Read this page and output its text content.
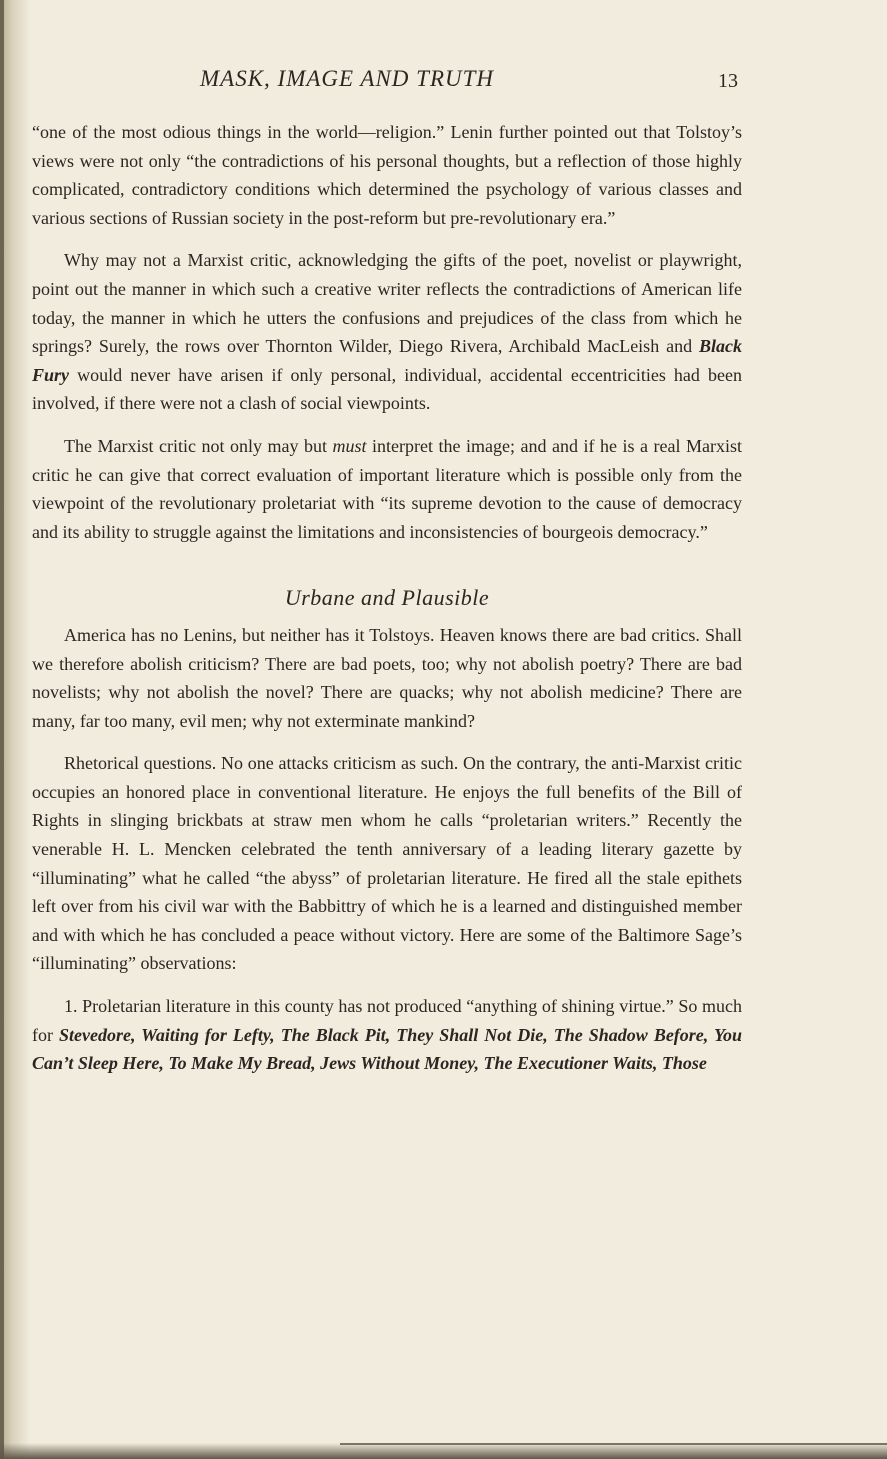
MASK, IMAGE AND TRUTH	13

“one of the most odious things in the world—religion.” Lenin further pointed out that Tolstoy’s views were not only “the contradictions of his personal thoughts, but a reflection of those highly complicated, contradictory conditions which determined the psychology of various classes and various sections of Russian society in the post-reform but pre-revolutionary era.”

Why may not a Marxist critic, acknowledging the gifts of the poet, novelist or playwright, point out the manner in which such a creative writer reflects the contradictions of American life today, the manner in which he utters the confusions and prejudices of the class from which he springs? Surely, the rows over Thornton Wilder, Diego Rivera, Archibald MacLeish and Black Fury would never have arisen if only personal, individual, accidental eccentricities had been involved, if there were not a clash of social viewpoints.

The Marxist critic not only may but must interpret the image; and and if he is a real Marxist critic he can give that correct evaluation of important literature which is possible only from the viewpoint of the revolutionary proletariat with “its supreme devotion to the cause of democracy and its ability to struggle against the limitations and inconsistencies of bourgeois democracy.”

Urbane and Plausible

America has no Lenins, but neither has it Tolstoys. Heaven knows there are bad critics. Shall we therefore abolish criticism? There are bad poets, too; why not abolish poetry? There are bad novelists; why not abolish the novel? There are quacks; why not abolish medicine? There are many, far too many, evil men; why not exterminate mankind?

Rhetorical questions. No one attacks criticism as such. On the contrary, the anti-Marxist critic occupies an honored place in conventional literature. He enjoys the full benefits of the Bill of Rights in slinging brickbats at straw men whom he calls “proletarian writers.” Recently the venerable H. L. Mencken celebrated the tenth anniversary of a leading literary gazette by “illuminating” what he called “the abyss” of proletarian literature. He fired all the stale epithets left over from his civil war with the Babbittry of which he is a learned and distinguished member and with which he has concluded a peace without victory. Here are some of the Baltimore Sage’s “illuminating” observations:

1. Proletarian literature in this county has not produced “anything of shining virtue.” So much for Stevedore, Waiting for Lefty, The Black Pit, They Shall Not Die, The Shadow Before, You Can’t Sleep Here, To Make My Bread, Jews Without Money, The Executioner Waits, Those
